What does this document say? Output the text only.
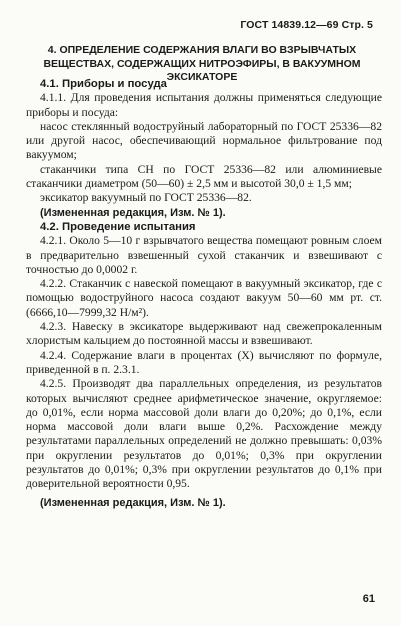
ГОСТ 14839.12—69 Стр. 5
4. ОПРЕДЕЛЕНИЕ СОДЕРЖАНИЯ ВЛАГИ ВО ВЗРЫВЧАТЫХ ВЕЩЕСТВАХ, СОДЕРЖАЩИХ НИТРОЭФИРЫ, В ВАКУУМНОМ ЭКСИКАТОРЕ

4.1. Приборы и посуда

4.1.1. Для проведения испытания должны применяться следующие приборы и посуда:

насос стеклянный водоструйный лабораторный по ГОСТ 25336—82 или другой насос, обеспечивающий нормальное фильтрование под вакуумом;

стаканчики типа СН по ГОСТ 25336—82 или алюминиевые стаканчики диаметром (50—60) ± 2,5 мм и высотой 30,0 ± 1,5 мм;

эксикатор вакуумный по ГОСТ 25336—82.

(Измененная редакция, Изм. № 1).

4.2. Проведение испытания

4.2.1. Около 5—10 г взрывчатого вещества помещают ровным слоем в предварительно взвешенный сухой стаканчик и взвешивают с точностью до 0,0002 г.

4.2.2. Стаканчик с навеской помещают в вакуумный эксикатор, где с помощью водоструйного насоса создают вакуум 50—60 мм рт. ст. (6666,10—7999,32 Н/м²).

4.2.3. Навеску в эксикаторе выдерживают над свежепрокаленным хлористым кальцием до постоянной массы и взвешивают.

4.2.4. Содержание влаги в процентах (X) вычисляют по формуле, приведенной в п. 2.3.1.

4.2.5. Производят два параллельных определения, из результатов которых вычисляют среднее арифметическое значение, округляемое: до 0,01%, если норма массовой доли влаги до 0,20%; до 0,1%, если норма массовой доли влаги выше 0,2%. Расхождение между результатами параллельных определений не должно превышать: 0,03% при округлении результатов до 0,01%; 0,3% при округлении результатов до 0,01%; 0,3% при округлении результатов до 0,1% при доверительной вероятности 0,95.

(Измененная редакция, Изм. № 1).

61
